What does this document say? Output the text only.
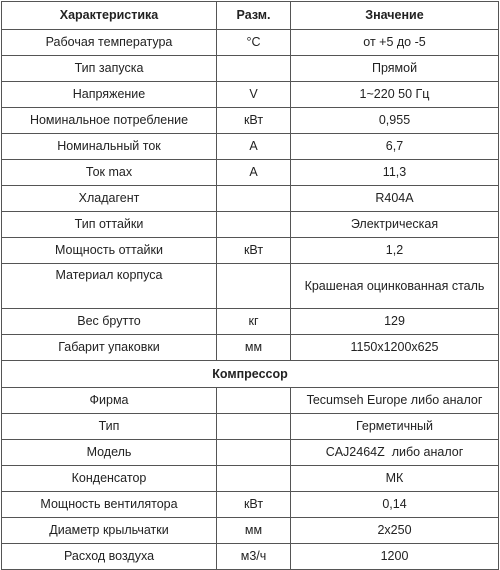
Характеристика	Разм.	Значение
Рабочая температура	°C	от +5 до -5
Тип запуска		Прямой
Напряжение	V	1~220 50 Гц
Номинальное потребление	кВт	0,955
Номинальный ток	A	6,7
Ток max	A	11,3
Хладагент		R404A
Тип оттайки		Электрическая
Мощность оттайки	кВт	1,2
Материал корпуса		Крашеная оцинкованная сталь
Вес брутто	кг	129
Габарит упаковки	мм	1150x1200x625
Компрессор		
Фирма		Tecumseh Europe либо аналог
Тип		Герметичный
Модель		CAJ2464Z  либо аналог
Конденсатор		МК
Мощность вентилятора	кВт	0,14
Диаметр крыльчатки	мм	2x250
Расход воздуха	м3/ч	1200
